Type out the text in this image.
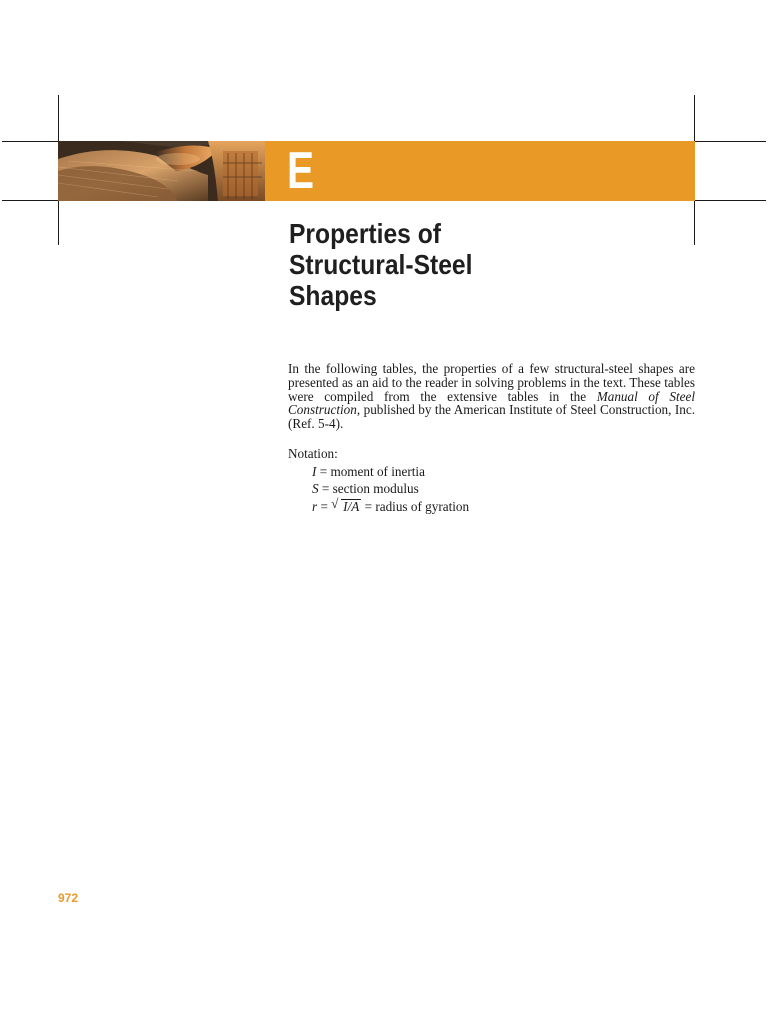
E
Properties of
Structural-Steel
Shapes

In the following tables, the properties of a few structural-steel shapes are presented as an aid to the reader in solving problems in the text. These tables were compiled from the extensive tables in the Manual of Steel Construction, published by the American Institute of Steel Construction, Inc. (Ref. 5-4).

Notation:
I = moment of inertia
S = section modulus
r = √ I/A = radius of gyration
972
